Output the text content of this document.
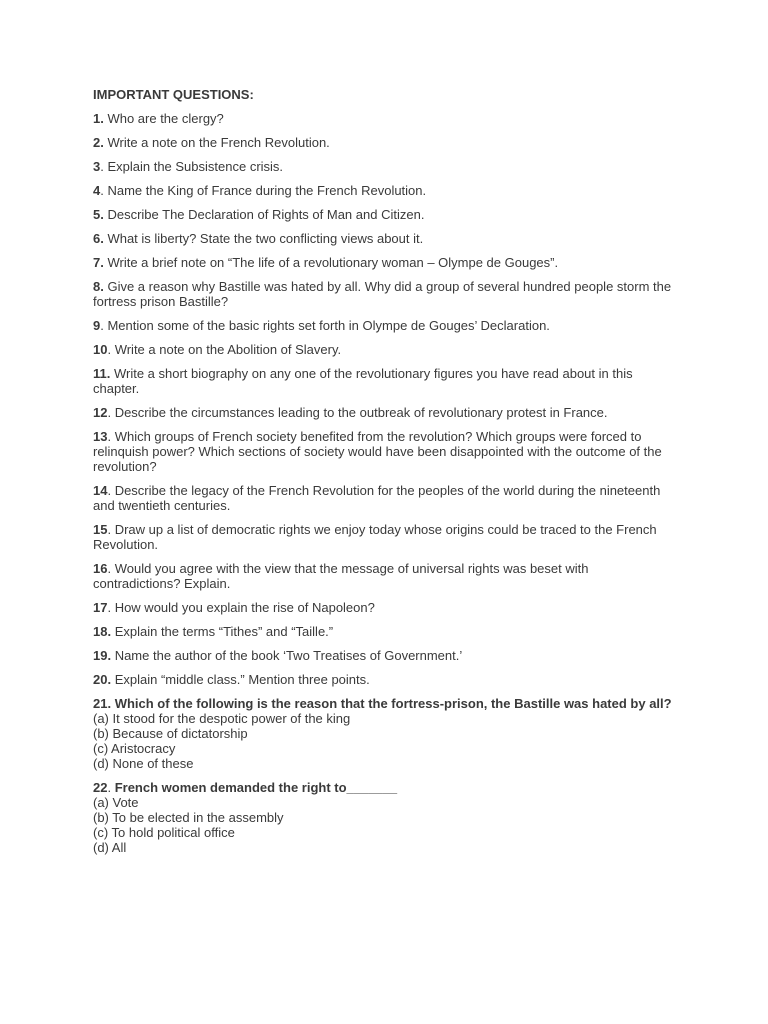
IMPORTANT QUESTIONS:
1. Who are the clergy?
2. Write a note on the French Revolution.
3. Explain the Subsistence crisis.
4. Name the King of France during the French Revolution.
5. Describe The Declaration of Rights of Man and Citizen.
6. What is liberty? State the two conflicting views about it.
7. Write a brief note on “The life of a revolutionary woman – Olympe de Gouges”.
8. Give a reason why Bastille was hated by all. Why did a group of several hundred people storm the fortress prison Bastille?
9. Mention some of the basic rights set forth in Olympe de Gouges’ Declaration.
10. Write a note on the Abolition of Slavery.
11. Write a short biography on any one of the revolutionary figures you have read about in this chapter.
12. Describe the circumstances leading to the outbreak of revolutionary protest in France.
13. Which groups of French society benefited from the revolution? Which groups were forced to relinquish power? Which sections of society would have been disappointed with the outcome of the revolution?
14. Describe the legacy of the French Revolution for the peoples of the world during the nineteenth and twentieth centuries.
15. Draw up a list of democratic rights we enjoy today whose origins could be traced to the French Revolution.
16. Would you agree with the view that the message of universal rights was beset with contradictions? Explain.
17. How would you explain the rise of Napoleon?
18. Explain the terms “Tithes” and “Taille.”
19. Name the author of the book ‘Two Treatises of Government.’
20. Explain “middle class.” Mention three points.
21. Which of the following is the reason that the fortress-prison, the Bastille was hated by all?
(a) It stood for the despotic power of the king
(b) Because of dictatorship
(c) Aristocracy
(d) None of these
22. French women demanded the right to_______
(a) Vote
(b) To be elected in the assembly
(c) To hold political office
(d) All
